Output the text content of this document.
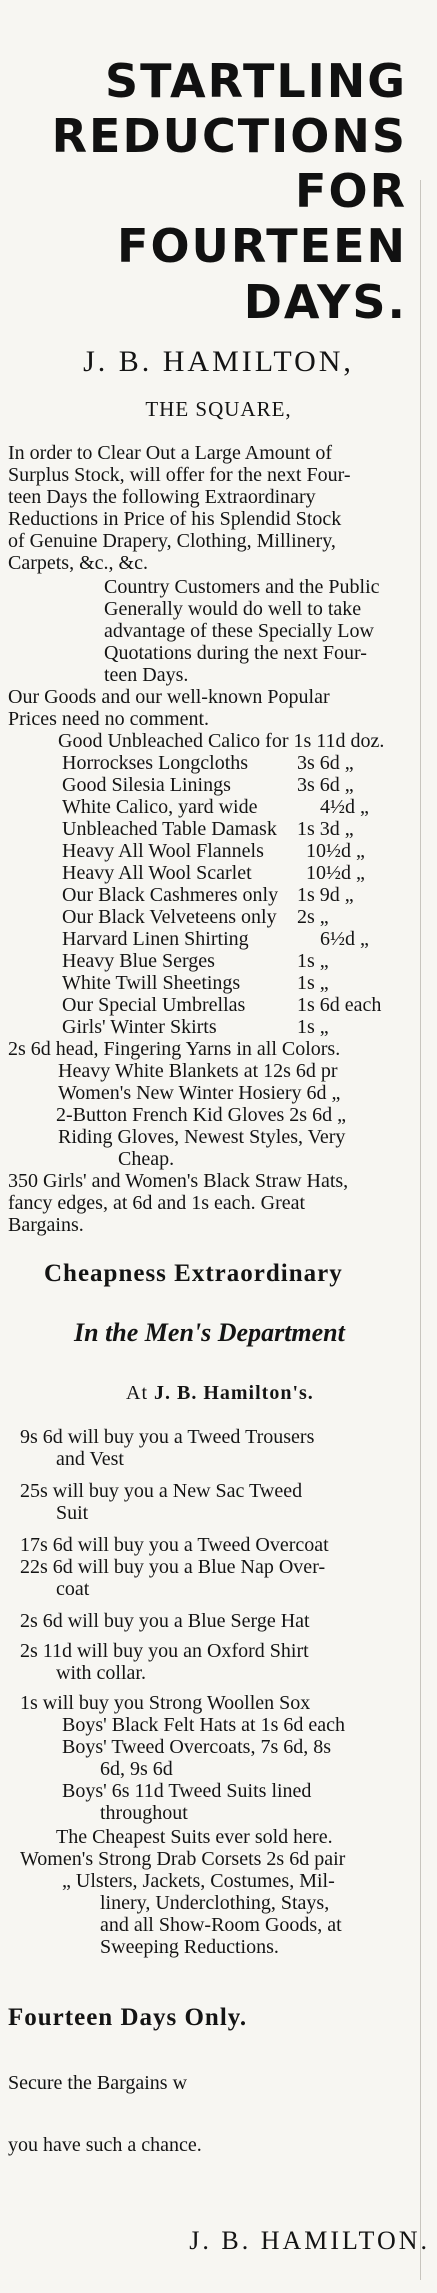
STARTLING
REDUCTIONS
FOR
FOURTEEN
DAYS.
J. B. HAMILTON,
THE SQUARE,
In order to Clear Out a Large Amount of
Surplus Stock, will offer for the next Four-
teen Days the following Extraordinary
Reductions in Price of his Splendid Stock
of Genuine Drapery, Clothing, Millinery,
Carpets, &c., &c.
Country Customers and the Public
Generally would do well to take
advantage of these Specially Low
Quotations during the next Four-
teen Days.
Our Goods and our well-known Popular
Prices need no comment.
Good Unbleached Calico for 1s 11d doz.
Horrockses Longcloths 3s 6d „
Good Silesia Linings	3s 6d „
White Calico, yard wide	4½d „
Unbleached Table Damask 1s 3d „
Heavy All Wool Flannels 10½d „
Heavy All Wool Scarlet	10½d „
Our Black Cashmeres only 1s 9d „
Our Black Velveteens only 2s „
Harvard Linen Shirting	6½d „
Heavy Blue Serges	1s „
White Twill Sheetings	1s „
Our Special Umbrellas	1s 6d each
Girls' Winter Skirts	1s „
2s 6d head, Fingering Yarns in all Colors.
Heavy White Blankets at 12s 6d pr
Women's New Winter Hosiery 6d „
2-Button French Kid Gloves 2s 6d „
Riding Gloves, Newest Styles, Very
Cheap.
350 Girls' and Women's Black Straw Hats,
fancy edges, at 6d and 1s each. Great
Bargains.
Cheapness Extraordinary
In the Men's Department
At J. B. Hamilton's.
9s 6d will buy you a Tweed Trousers
and Vest
25s will buy you a New Sac Tweed
Suit
17s 6d will buy you a Tweed Overcoat
22s 6d will buy you a Blue Nap Over-
coat
2s 6d will buy you a Blue Serge Hat
2s 11d will buy you an Oxford Shirt
with collar.
1s will buy you Strong Woollen Sox
Boys' Black Felt Hats at 1s 6d each
Boys' Tweed Overcoats, 7s 6d, 8s
6d, 9s 6d
Boys' 6s 11d Tweed Suits lined
throughout
The Cheapest Suits ever sold here.
Women's Strong Drab Corsets 2s 6d pair
„ Ulsters, Jackets, Costumes, Mil-
linery, Underclothing, Stays,
and all Show-Room Goods, at
Sweeping Reductions.
Fourteen Days Only.
Secure the Bargains w
you have such a chance.
J. B. HAMILTON.
